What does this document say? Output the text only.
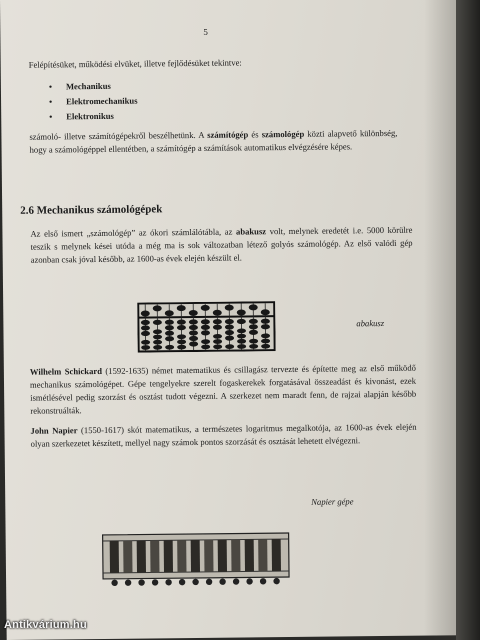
5
Felépítésüket, működési elvüket, illetve fejlődésüket tekintve:
• Mechanikus
• Elektromechanikus
• Elektronikus
számoló- illetve számítógépekről beszélhetünk. A számítógép és számológép közti alapvető különbség, hogy a számológéppel ellentétben, a számítógép a számítások automatikus elvégzésére képes.
2.6 Mechanikus számológépek
Az első ismert „számológép” az ókori számlálótábla, az abakusz volt, melynek eredetét i.e. 5000 körülre teszik s melynek kései utóda a még ma is sok változatban létező golyós számológép. Az első valódi gép azonban csak jóval később, az 1600-as évek elején készült el.
abakusz
Wilhelm Schickard (1592-1635) német matematikus és csillagász tervezte és építette meg az első működő mechanikus számológépet. Gépe tengelyekre szerelt fogaskerekek forgatásával összeadást és kivonást, ezek ismétlésével pedig szorzást és osztást tudott végezni. A szerkezet nem maradt fenn, de rajzai alapján később rekonstruálták.
John Napier (1550-1617) skót matematikus, a természetes logaritmus megalkotója, az 1600-as évek elején olyan szerkezetet készített, mellyel nagy számok pontos szorzását és osztását lehetett elvégezni.
Napier gépe
Antikvárium.hu
